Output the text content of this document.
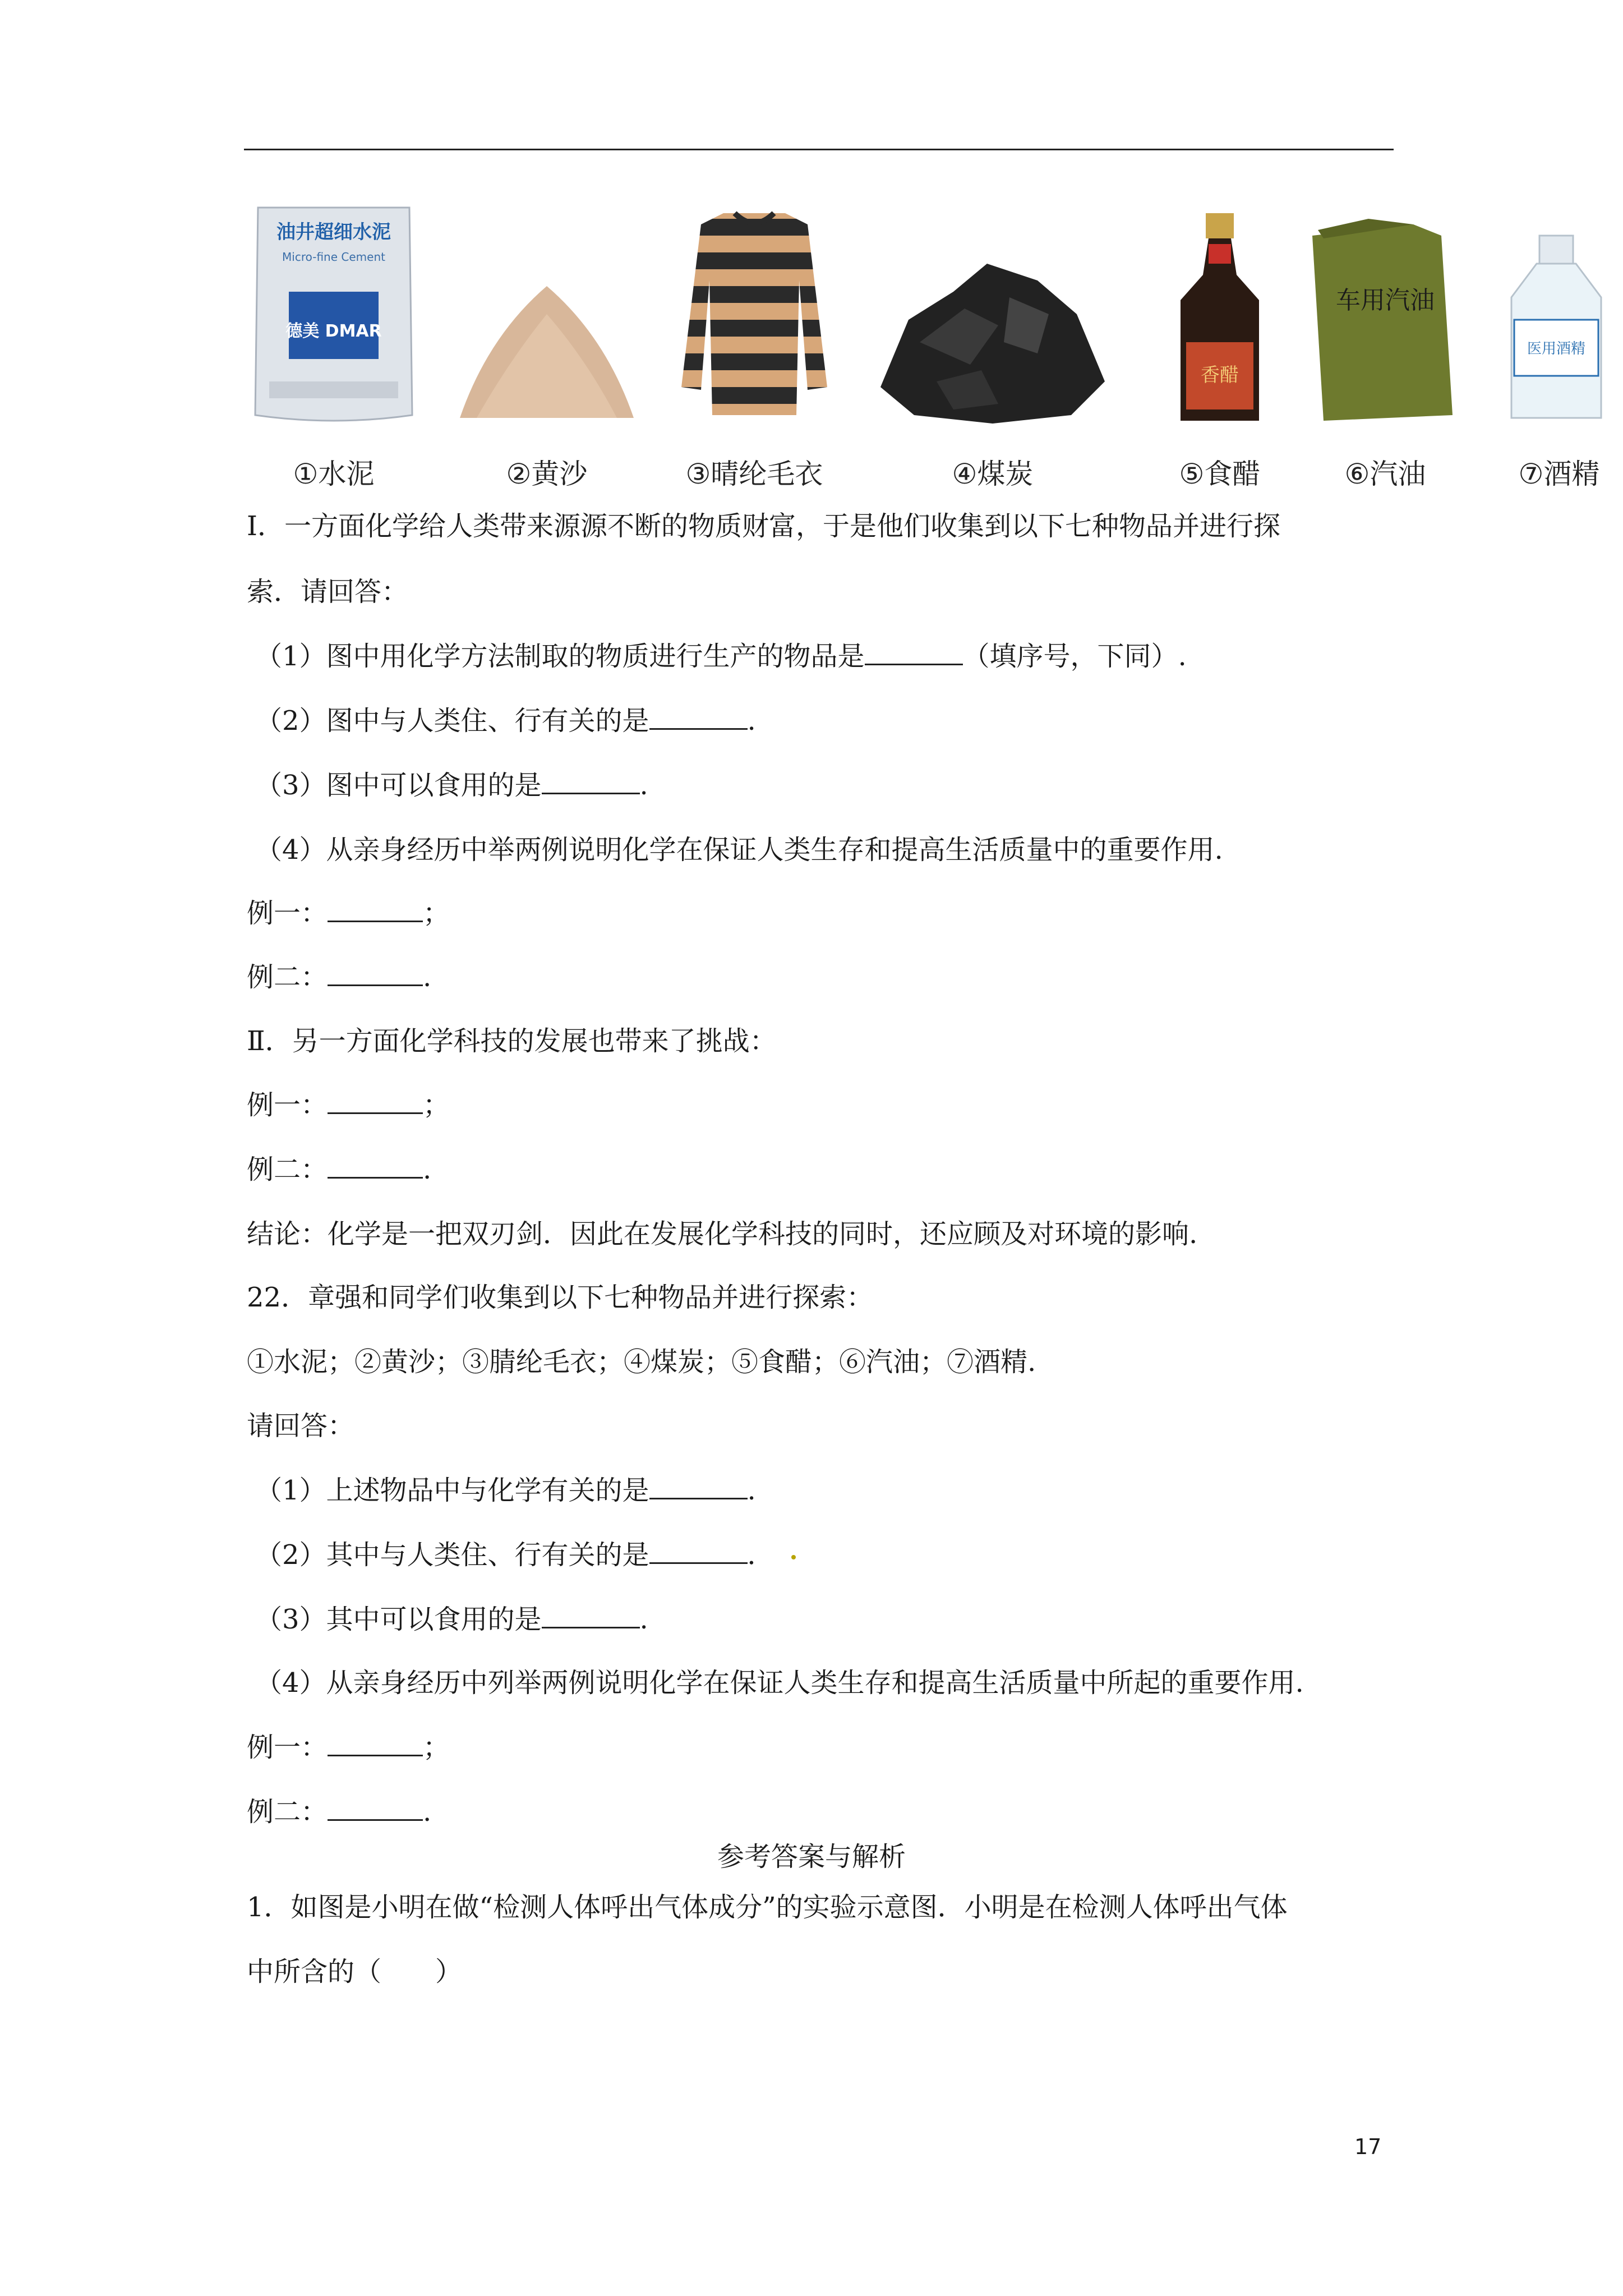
油井超细水泥
Micro-fine Cement
德美 DMAR
①水泥	②黄沙	③晴纶毛衣	④煤炭
香醋
⑤食醋
车用汽油
⑥汽油
医用酒精
⑦酒精
Ⅰ．一方面化学给人类带来源源不断的物质财富，于是他们收集到以下七种物品并进行探
索．请回答：
（1）图中用化学方法制取的物质进行生产的物品是	（填序号，下同）.
（2）图中与人类住、行有关的是	.
（3）图中可以食用的是	.
（4）从亲身经历中举两例说明化学在保证人类生存和提高生活质量中的重要作用.
例一：	；
例二：	.
Ⅱ．另一方面化学科技的发展也带来了挑战：
例一：	；
例二：	.
结论：化学是一把双刃剑．因此在发展化学科技的同时，还应顾及对环境的影响.
22．章强和同学们收集到以下七种物品并进行探索：
①水泥；②黄沙；③腈纶毛衣；④煤炭；⑤食醋；⑥汽油；⑦酒精.
请回答：
（1）上述物品中与化学有关的是	.
（2）其中与人类住、行有关的是	．
（3）其中可以食用的是	.
（4）从亲身经历中列举两例说明化学在保证人类生存和提高生活质量中所起的重要作用.
例一：	；
例二：	.
参考答案与解析
1．如图是小明在做“检测人体呼出气体成分”的实验示意图．小明是在检测人体呼出气体
中所含的（　　）
17
